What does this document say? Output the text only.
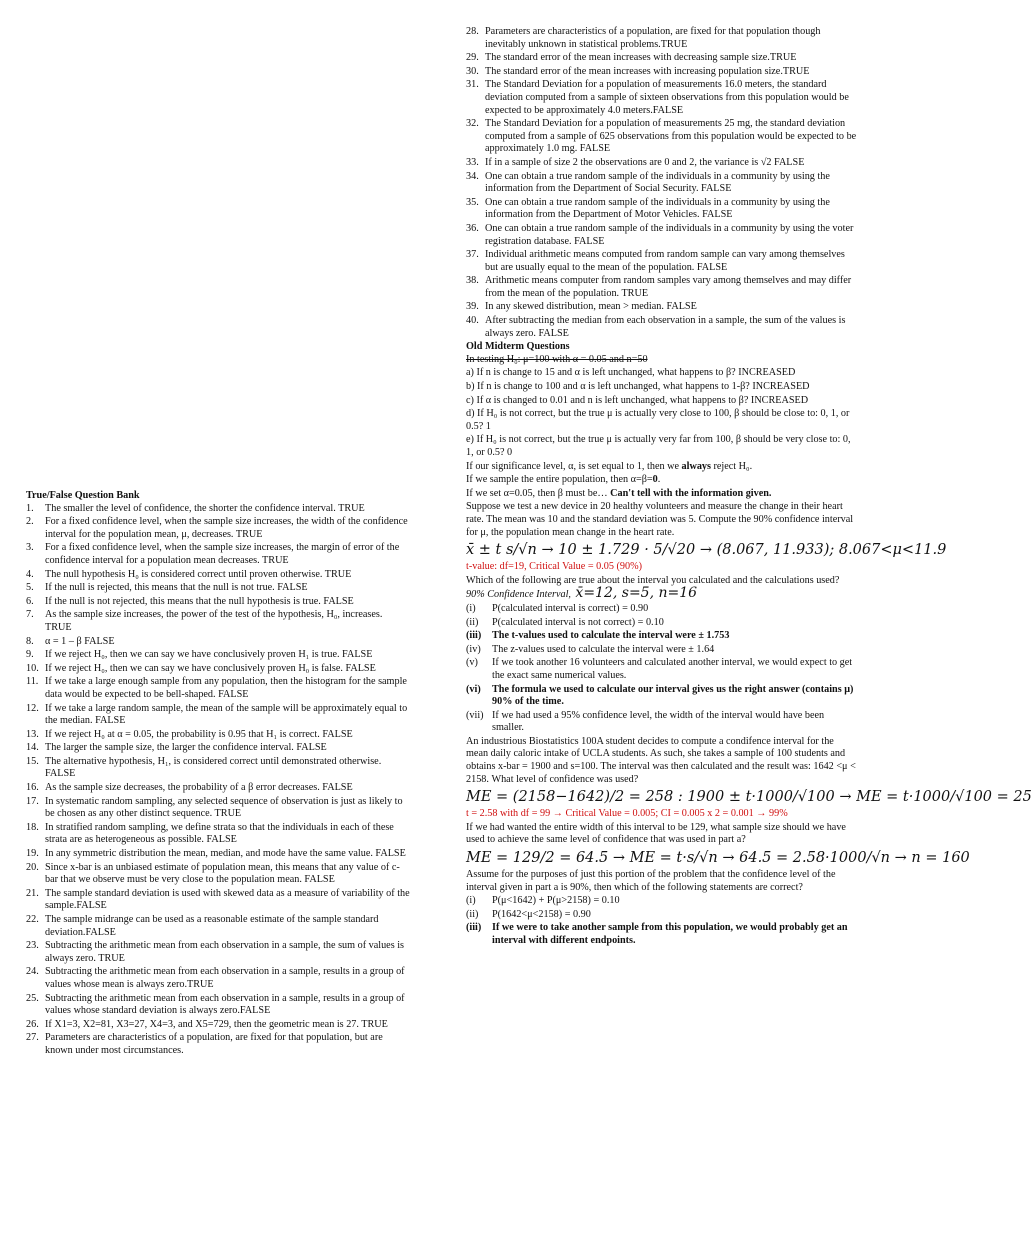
True/False Question Bank
1. The smaller the level of confidence, the shorter the confidence interval. TRUE
2. For a fixed confidence level, when the sample size increases, the width of the confidence interval for the population mean, μ, decreases. TRUE
3. For a fixed confidence level, when the sample size increases, the margin of error of the confidence interval for a population mean decreases. TRUE
4. The null hypothesis H₀ is considered correct until proven otherwise. TRUE
5. If the null is rejected, this means that the null is not true. FALSE
6. If the null is not rejected, this means that the null hypothesis is true. FALSE
7. As the sample size increases, the power of the test of the hypothesis, H₀, increases. TRUE
8. α = 1 – β FALSE
9. If we reject H₀, then we can say we have conclusively proven H₁ is true. FALSE
10. If we reject H₀, then we can say we have conclusively proven H₀ is false. FALSE
11. If we take a large enough sample from any population, then the histogram for the sample data would be expected to be bell-shaped. FALSE
12. If we take a large random sample, the mean of the sample will be approximately equal to the median. FALSE
13. If we reject H₀ at α = 0.05, the probability is 0.95 that H₁ is correct. FALSE
14. The larger the sample size, the larger the confidence interval. FALSE
15. The alternative hypothesis, H₁, is considered correct until demonstrated otherwise. FALSE
16. As the sample size decreases, the probability of a β error decreases. FALSE
17. In systematic random sampling, any selected sequence of observation is just as likely to be chosen as any other distinct sequence. TRUE
18. In stratified random sampling, we define strata so that the individuals in each of these strata are as heterogeneous as possible. FALSE
19. In any symmetric distribution the mean, median, and mode have the same value. FALSE
20. Since x-bar is an unbiased estimate of population mean, this means that any value of c-bar that we observe must be very close to the population mean. FALSE
21. The sample standard deviation is used with skewed data as a measure of variability of the sample.FALSE
22. The sample midrange can be used as a reasonable estimate of the sample standard deviation.FALSE
23. Subtracting the arithmetic mean from each observation in a sample, the sum of values is always zero. TRUE
24. Subtracting the arithmetic mean from each observation in a sample, results in a group of values whose mean is always zero.TRUE
25. Subtracting the arithmetic mean from each observation in a sample, results in a group of values whose standard deviation is always zero.FALSE
26. If X1=3, X2=81, X3=27, X4=3, and X5=729, then the geometric mean is 27. TRUE
27. Parameters are characteristics of a population, are fixed for that population, but are known under most circumstances.
28. Parameters are characteristics of a population, are fixed for that population though inevitably unknown in statistical problems.TRUE
29. The standard error of the mean increases with decreasing sample size.TRUE
30. The standard error of the mean increases with increasing population size.TRUE
31. The Standard Deviation for a population of measurements 16.0 meters, the standard deviation computed from a sample of sixteen observations from this population would be expected to be approximately 4.0 meters.FALSE
32. The Standard Deviation for a population of measurements 25 mg, the standard deviation computed from a sample of 625 observations from this population would be expected to be approximately 1.0 mg. FALSE
33. If in a sample of size 2 the observations are 0 and 2, the variance is √2 FALSE
34. One can obtain a true random sample of the individuals in a community by using the information from the Department of Social Security. FALSE
35. One can obtain a true random sample of the individuals in a community by using the information from the Department of Motor Vehicles. FALSE
36. One can obtain a true random sample of the individuals in a community by using the voter registration database. FALSE
37. Individual arithmetic means computed from random sample can vary among themselves but are usually equal to the mean of the population. FALSE
38. Arithmetic means computer from random samples vary among themselves and may differ from the mean of the population. TRUE
39. In any skewed distribution, mean > median. FALSE
40. After subtracting the median from each observation in a sample, the sum of the values is always zero. FALSE
Old Midterm Questions

In testing H₀: μ=100 with α = 0.05 and n=50

a) If n is change to 15 and α is left unchanged, what happens to β? INCREASED

b) If n is change to 100 and α is left unchanged, what happens to 1-β? INCREASED

c) If α is changed to 0.01 and n is left unchanged, what happens to β? INCREASED

d) If H₀ is not correct, but the true μ is actually very close to 100, β should be close to: 0, 1, or 0.5? 1

e) If H₀ is not correct, but the true μ is actually very far from 100, β should be very close to: 0, 1, or 0.5? 0

If our significance level, α, is set equal to 1, then we always reject H₀.

If we sample the entire population, then α=β=0.

If we set α=0.05, then β must be… Can't tell with the information given.

Suppose we test a new device in 20 healthy volunteers and measure the change in their heart rate. The mean was 10 and the standard deviation was 5. Compute the 90% confidence interval for μ, the population mean change in the heart rate.

x̄ ± t s/√n → 10 ± 1.729 · 5/√20 → (8.067, 11.933); 8.067<μ<11.9

t-value: df=19, Critical Value = 0.05 (90%)

Which of the following are true about the interval you calculated and the calculations used? 90% Confidence Interval, x̄=12, s=5, n=16

(i) P(calculated interval is correct) = 0.90
(ii) P(calculated interval is not correct) = 0.10
(iii) The t-values used to calculate the interval were ± 1.753
(iv) The z-values used to calculate the interval were ± 1.64
(v) If we took another 16 volunteers and calculated another interval, we would expect to get the exact same numerical values.
(vi) The formula we used to calculate our interval gives us the right answer (contains μ) 90% of the time.
(vii) If we had used a 95% confidence level, the width of the interval would have been smaller.

An industrious Biostatistics 100A student decides to compute a condifence interval for the mean daily caloric intake of UCLA students. As such, she takes a sample of 100 students and obtains x-bar = 1900 and s=100. The interval was then calculated and the result was: 1642 <μ < 2158. What level of confidence was used?

ME = (2158−1642)/2 = 258 : 1900 ± t·1000/√100 → ME = t·1000/√100 = 25

t = 2.58 with df = 99 → Critical Value = 0.005; CI = 0.005 x 2 = 0.001 → 99%

If we had wanted the entire width of this interval to be 129, what sample size should we have used to achieve the same level of confidence that was used in part a?

ME = 129/2 = 64.5 → ME = t·s/√n → 64.5 = 2.58·1000/√n → n = 160

Assume for the purposes of just this portion of the problem that the confidence level of the interval given in part a is 90%, then which of the following statements are correct?

(i) P(μ<1642) + P(μ>2158) = 0.10
(ii) P(1642<μ<2158) = 0.90
(iii) If we were to take another sample from this population, we would probably get an interval with different endpoints.
